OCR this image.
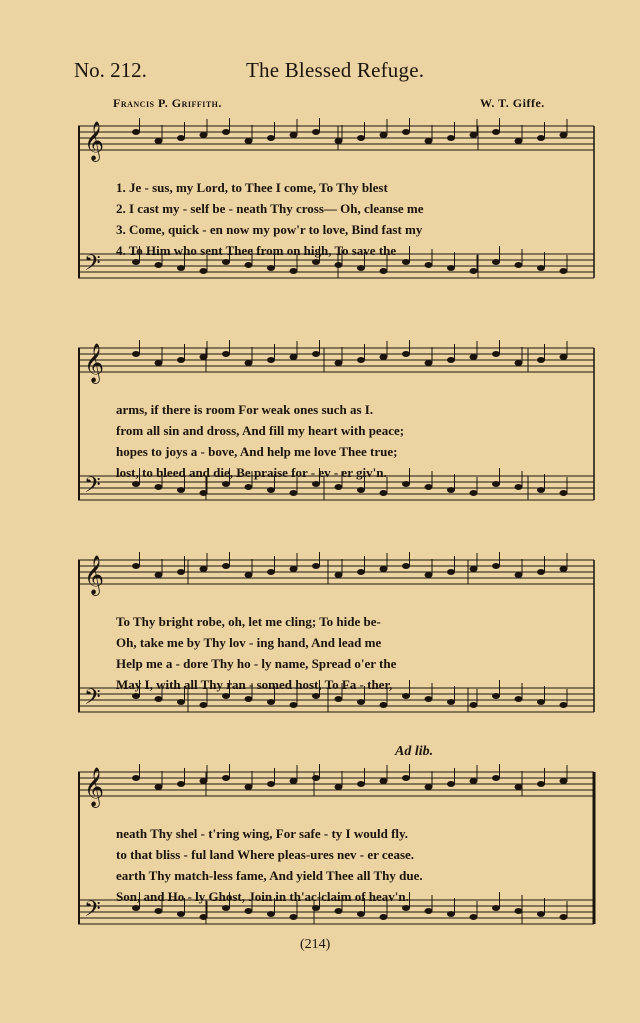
No. 212.	The Blessed Refuge.
Francis P. Griffith.	W. T. Giffe.
Ad lib.
𝄞
𝄢
1. Je - sus, my Lord, to Thee I come, To Thy blest
2. I cast my - self be - neath Thy cross— Oh, cleanse me
3. Come, quick - en now my pow'r to love, Bind fast my
4. To Him who sent Thee from on high, To save the
𝄞
𝄢
arms, if there is room For weak ones such as I.
from all sin and dross, And fill my heart with peace;
hopes to joys a - bove, And help me love Thee true;
lost, to bleed and die, Be praise for - ev - er giv'n.
𝄞
𝄢
To Thy bright robe, oh, let me cling; To hide be-
Oh, take me by Thy lov - ing hand, And lead me
Help me a - dore Thy ho - ly name, Spread o'er the
May I, with all Thy ran - somed host, To Fa - ther,
𝄞
𝄢
neath Thy shel - t'ring wing, For safe - ty I would fly.
to that bliss - ful land Where pleas-ures nev - er cease.
earth Thy match-less fame, And yield Thee all Thy due.
Son, and Ho - ly Ghost, Join in th'ac-claim of heav'n.
(214)
